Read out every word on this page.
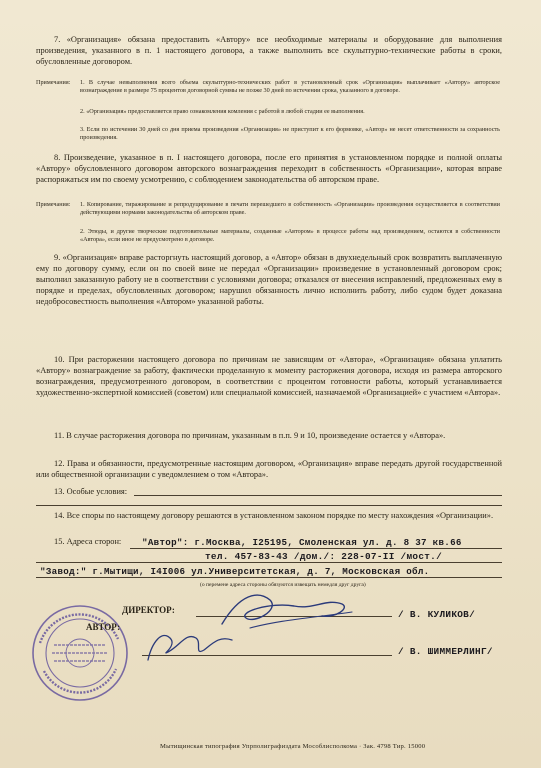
7. «Организация» обязана предоставить «Автору» все необходимые материалы и оборудование для выполнения произведения, указанного в п. 1 настоящего договора, а также выполнить все скульптурно-технические работы в сроки, обусловленные договором.

Примечания: 1. В случае невыполнения всего объема скульптурно-технических работ в установленный срок «Организация» выплачивает «Автору» авторское вознаграждение в размере 75 процентов договорной суммы не позже 30 дней по истечении срока, указанного в договоре.

2. «Организация» предоставляется право ознакомления комления с работой в любой стадии ее выполнения.

3. Если по истечении 30 дней со дня приема произведения «Организация» не приступит к его формовке, «Автор» не несет ответственности за сохранность произведения.

8. Произведение, указанное в п. I настоящего договора, после его принятия в установленном порядке и полной оплаты «Автору» обусловленного договором авторского вознаграждения переходит в собственность «Организации», которая вправе распоряжаться им по своему усмотрению, с соблюдением законодательства об авторском праве.

Примечания: 1. Копирование, тиражирование и репродуцирование в печати перешедшего в собственность «Организации» произведения осуществляется в соответствии действующими нормами законодательства об авторском праве.

2. Этюды, и другие творческие подготовительные материалы, созданные «Автором» в процессе работы над произведением, остаются в собственности «Автора», если иное не предусмотрено в договоре.

9. «Организация» вправе расторгнуть настоящий договор, а «Автор» обязан в двухнедельный срок возвратить выплаченную ему по договору сумму, если он по своей вине не передал «Организации» произведение в установленный договором срок; выполнил заказанную работу не в соответствии с условиями договора; отказался от внесения исправлений, предложенных ему в порядке и пределах, обусловленных договором; нарушил обязанность лично исполнить работу, либо судом будет доказана недобросовестность выполнения «Автором» указанной работы.

10. При расторжении настоящего договора по причинам не зависящим от «Автора», «Организация» обязана уплатить «Автору» вознаграждение за работу, фактически проделанную к моменту расторжения договора, исходя из размера авторского вознаграждения, предусмотренного договором, в соответствии с процентом готовности работы, который устанавливается художественно-экспертной комиссией (советом) или специальной комиссией, назначаемой «Организацией» с участием «Автора».

11. В случае расторжения договора по причинам, указанным в п.п. 9 и 10, произведение остается у «Автора».

12. Права и обязанности, предусмотренные настоящим договором, «Организация» вправе передать другой государственной или общественной организации с уведомлением о том «Автора».

13. Особые условия:

14. Все споры по настоящему договору решаются в установленном законом порядке по месту нахождения «Организации».

15. Адреса сторон:	"Автор": г.Москва, I25195, Смоленская ул. д. 8 37 кв.66
тел. 457-83-43 /дом./: 228-07-II /мост./
"Завод:" г.Мытищи, I4I006 ул.Университетская, д. 7, Московская обл.
(о перемене адреса стороны обязуются извещать немедля друг друга)
ДИРЕКТОР:
АВТОР:
/ В. КУЛИКОВ/
/ В. ШИММЕРЛИНГ/
Мытищинская типография Упрполиграфиздата Мособлисполкома · Зак. 4798 Тир. 15000
